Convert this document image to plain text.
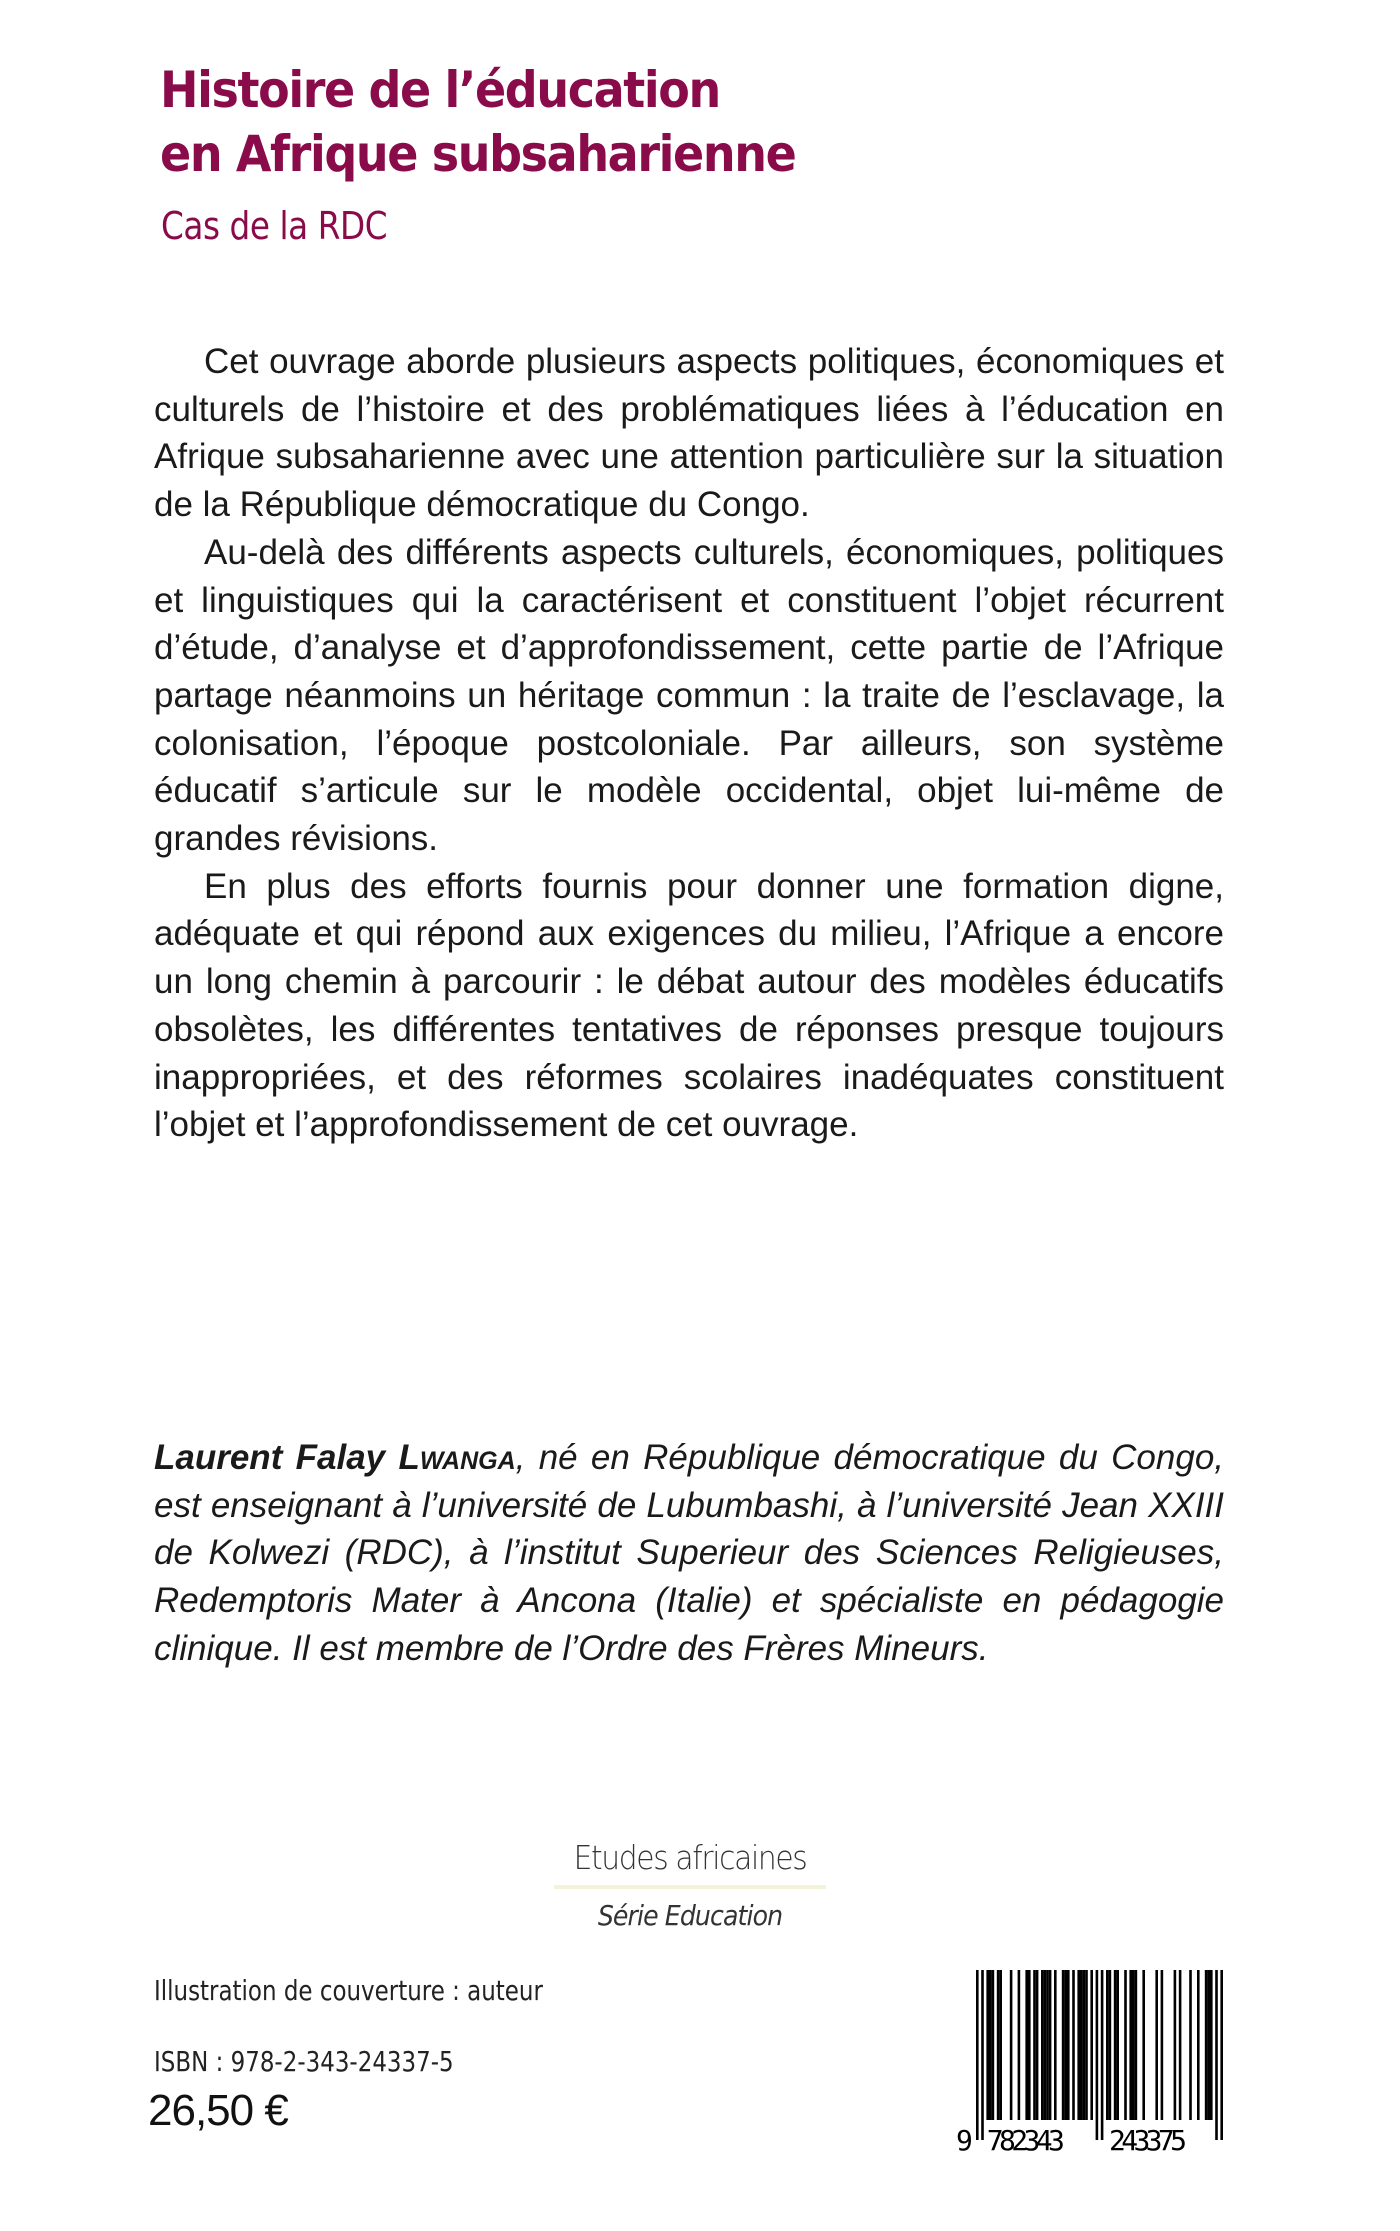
Histoire de l’éducation
en Afrique subsaharienne
Cas de la RDC

Cet ouvrage aborde plusieurs aspects politiques, économiques et culturels de l’histoire et des problématiques liées à l’éducation en Afrique subsaharienne avec une attention particulière sur la situation de la République démocratique du Congo.

Au-delà des différents aspects culturels, économiques, politiques et linguistiques qui la caractérisent et constituent l’objet récurrent d’étude, d’analyse et d’approfondissement, cette partie de l’Afrique partage néanmoins un héritage commun : la traite de l’esclavage, la colonisation, l’époque postcoloniale. Par ailleurs, son système éducatif s’articule sur le modèle occidental, objet lui-même de grandes révisions.

En plus des efforts fournis pour donner une formation digne, adéquate et qui répond aux exigences du milieu, l’Afrique a encore un long chemin à parcourir : le débat autour des modèles éducatifs obsolètes, les différentes tentatives de réponses presque toujours inappropriées, et des réformes scolaires inadéquates constituent l’objet et l’approfondissement de cet ouvrage.

Laurent Falay Lwanga, né en République démocratique du Congo, est enseignant à l’université de Lubumbashi, à l’université Jean XXIII de Kolwezi (RDC), à l’institut Superieur des Sciences Religieuses, Redemptoris Mater à Ancona (Italie) et spécialiste en pédagogie clinique. Il est membre de l’Ordre des Frères Mineurs.
Etudes africaines
Série Education
Illustration de couverture : auteur
ISBN : 978-2-343-24337-5
26,50 €
9 782343 243375
